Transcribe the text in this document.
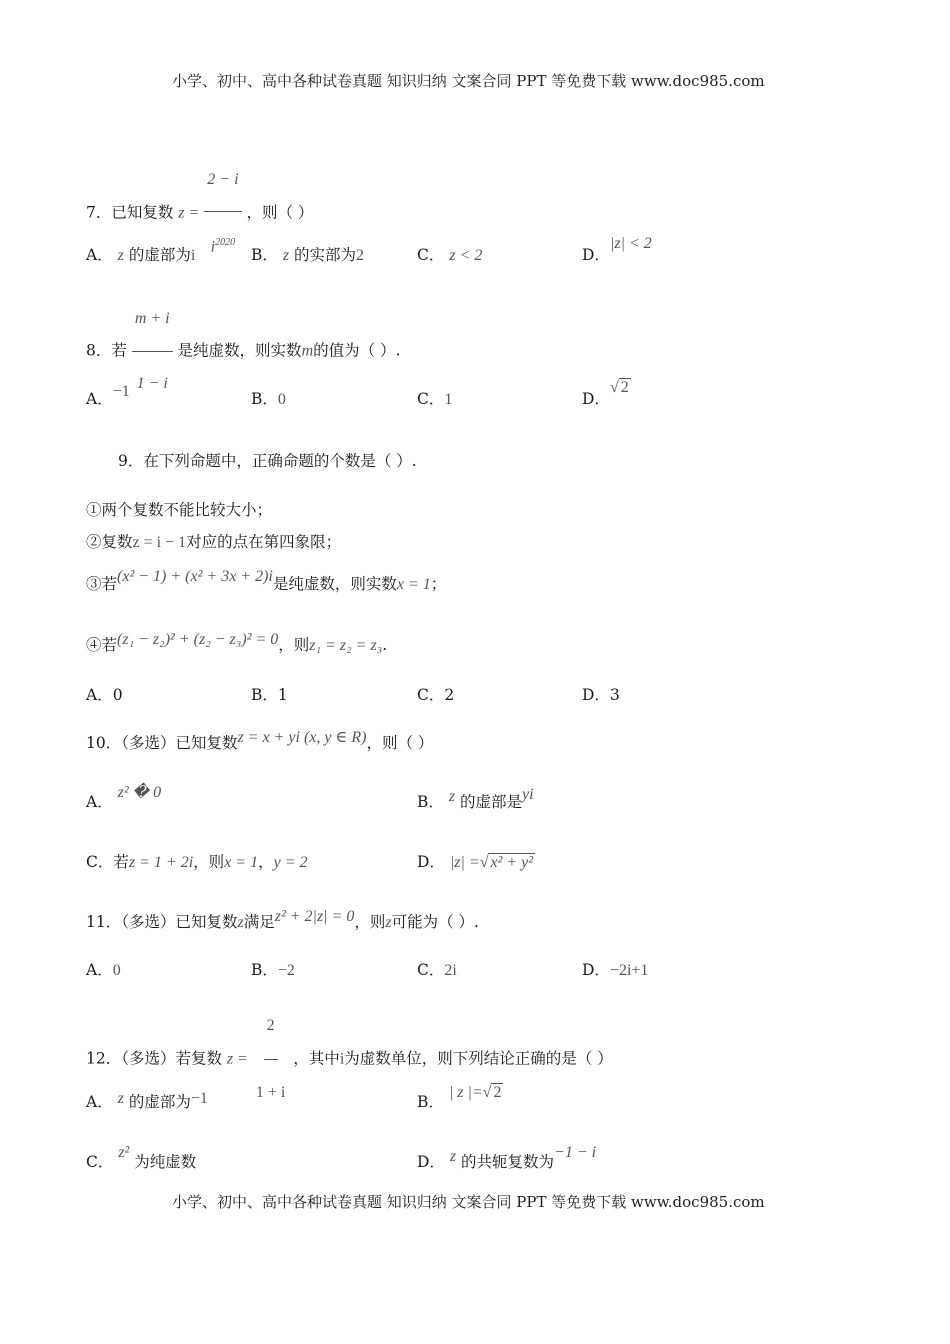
小学、初中、高中各种试卷真题 知识归纳 文案合同 PPT 等免费下载 www.doc985.com
7．已知复数 $z = \frac{2 - i}{i^{2020}}$ ，则（ ）
A． z 的虚部为i	B． z 的实部为2	C． z < 2	D．|z| < 2
8．若 $\frac{m + i}{1 - i}$ 是纯虚数，则实数m的值为（ ）.
A．−1	B．0	C．1	D．√ 2
9．在下列命题中，正确命题的个数是（ ）.
①两个复数不能比较大小；
②复数z = i − 1对应的点在第四象限；
③若(x² − 1) + (x² + 3x + 2)i是纯虚数，则实数x = 1；
④若(z₁ − z₂)² + (z₂ − z₃)² = 0，则z₁ = z₂ = z₃.
A．0	B．1	C．2	D．3
10．（多选）已知复数z = x + yi (x, y ∈ R)，则（ ）
A． z² � 0
B． z 的虚部是yi
C．若z = 1 + 2i，则x = 1，y = 2	D． |z| =√ x² + y²
11．（多选）已知复数z满足z² + 2|z| = 0，则z可能为（ ）.
A．0	B．−2	C．2i	D．−2i+1
12．（多选）若复数 $z = \frac{2}{1 + i}$ ，其中i为虚数单位，则下列结论正确的是（ ）
A． z 的虚部为−1	B． | z |=√ 2
C． z² 为纯虚数	D． z 的共轭复数为−1 − i
小学、初中、高中各种试卷真题 知识归纳 文案合同 PPT 等免费下载 www.doc985.com
